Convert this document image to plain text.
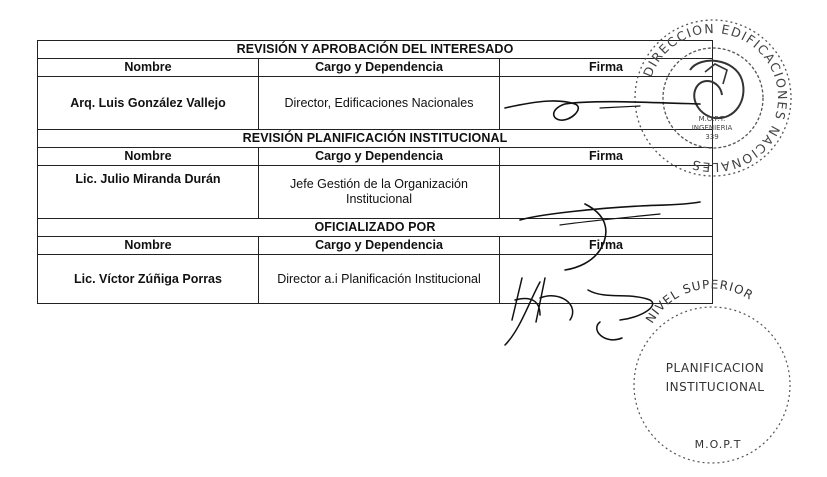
REVISIÓN Y APROBACIÓN DEL INTERESADO		
Nombre	Cargo y Dependencia	Firma
Arq. Luis González Vallejo	Director, Edificaciones Nacionales	
REVISIÓN PLANIFICACIÓN INSTITUCIONAL		
Nombre	Cargo y Dependencia	Firma
Lic. Julio Miranda Durán	Jefe Gestión de la Organización Institucional	
OFICIALIZADO POR		
Nombre	Cargo y Dependencia	Firma
Lic. Víctor Zúñiga Porras	Director a.i Planificación Institucional	
DIRECCION EDIFICACIONES NACIONALES
M.O.P.T.
INGENIERIA
339
NIVEL SUPERIOR
PLANIFICACION
INSTITUCIONAL
M.O.P.T
